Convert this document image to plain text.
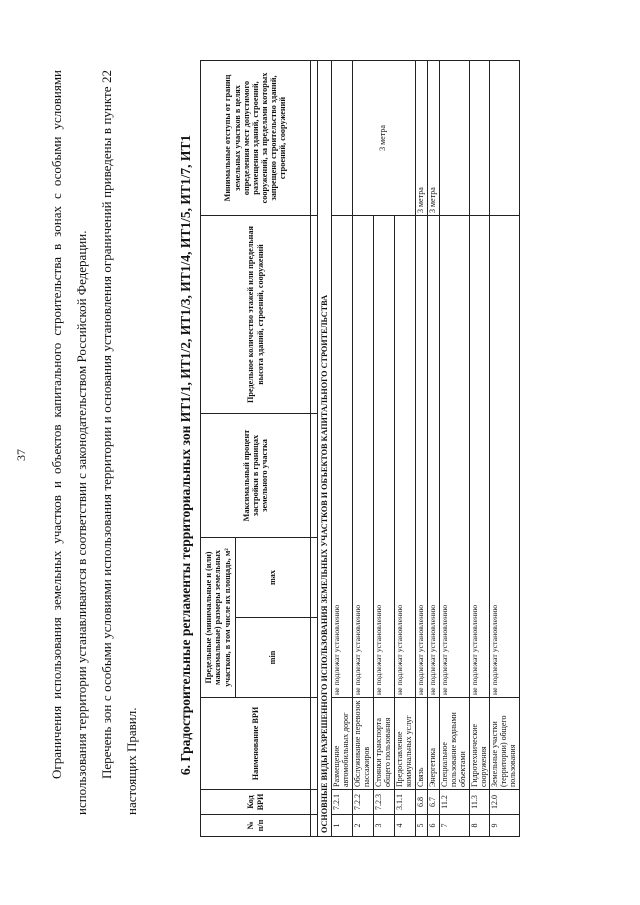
37	Ограничения использования земельных участков и объектов капитального строительства в зонах с особыми условиями использования территории устанавливаются в соответствии с законодательством Российской Федерации. Перечень зон с особыми условиями использования территории и основания установления ограничений приведены в пункте 22 настоящих Правил.	6. Градостроительные регламенты территориальных зон ИТ1/1, ИТ1/2, ИТ1/3, ИТ1/4, ИТ1/5, ИТ1/7, ИТ1
№ п/п	Код ВРИ	Наименование ВРИ	Предельные (минимальные и (или) максимальные) размеры земельных участков, в том числе их площадь, м²		Максимальный процент застройки в границах земельного участка	Предельное количество этажей или предельная высота зданий, строений, сооружений	Минимальные отступы от границ земельных участков в целях определения мест допустимого размещения зданий, строений, сооружений, за пределами которых запрещено строительство зданий, строений, сооружений
			min	max			

ОСНОВНЫЕ ВИДЫ РАЗРЕШЕННОГО ИСПОЛЬЗОВАНИЯ ЗЕМЕЛЬНЫХ УЧАСТКОВ И ОБЪЕКТОВ КАПИТАЛЬНОГО СТРОИТЕЛЬСТВА							
1	7.2.1	Размещение автомобильных дорог	не подлежат установлению				
2	7.2.2	Обслуживание перевозок пассажиров	не подлежат установлению				3 метра
3	7.2.3	Стоянки транспорта общего пользования	не подлежат установлению				
4	3.1.1	Предоставление коммунальных услуг	не подлежат установлению				
5	6.8	Связь	не подлежат установлению				3 метра
6	6.7	Энергетика	не подлежат установлению				3 метра
7	11.2	Специальное пользование водными объектами	не подлежат установлению				
8	11.3	Гидротехнические сооружения	не подлежат установлению				
9	12.0	Земельные участки (территории) общего пользования	не подлежат установлению				
